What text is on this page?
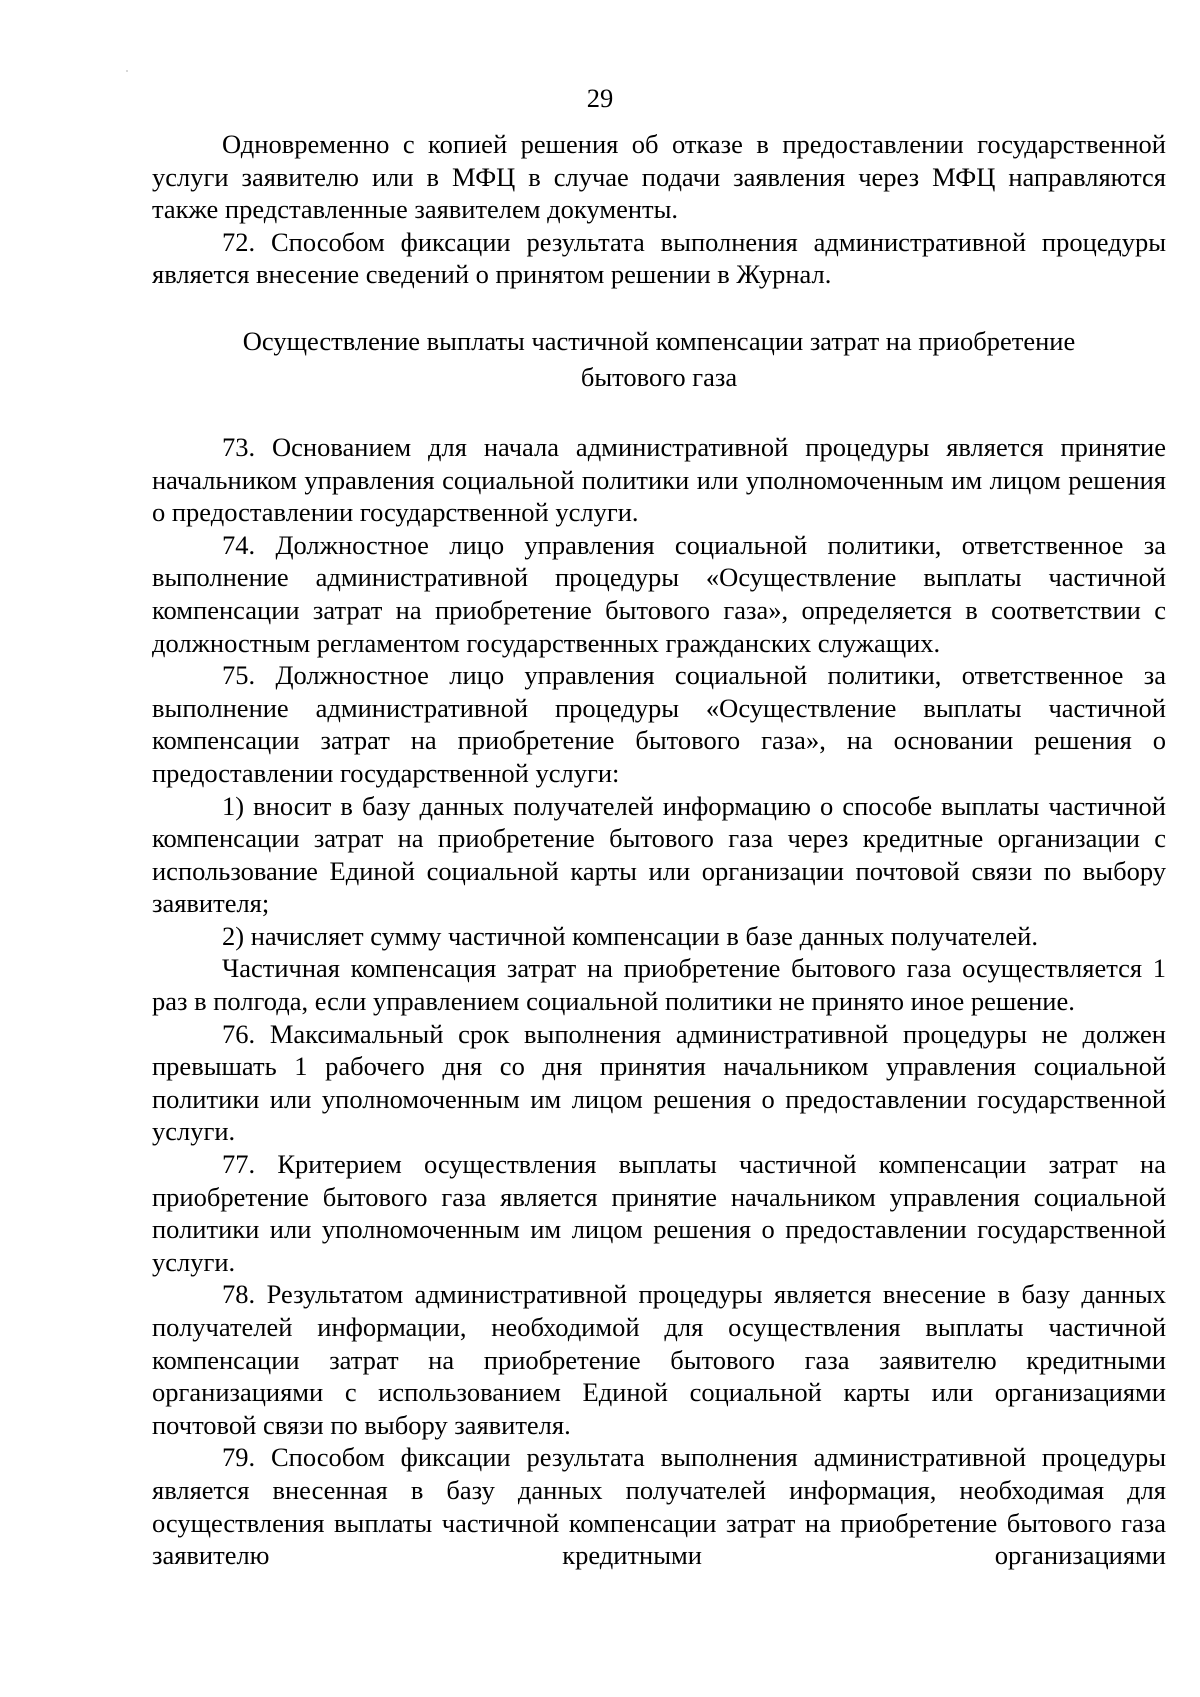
29

Одновременно с копией решения об отказе в предоставлении государственной услуги заявителю или в МФЦ в случае подачи заявления через МФЦ направляются также представленные заявителем документы.

72. Способом фиксации результата выполнения административной процедуры является внесение сведений о принятом решении в Журнал.

Осуществление выплаты частичной компенсации затрат на приобретение
бытового газа

73. Основанием для начала административной процедуры является принятие начальником управления социальной политики или уполномоченным им лицом решения о предоставлении государственной услуги.

74. Должностное лицо управления социальной политики, ответственное за выполнение административной процедуры «Осуществление выплаты частичной компенсации затрат на приобретение бытового газа», определяется в соответствии с должностным регламентом государственных гражданских служащих.

75. Должностное лицо управления социальной политики, ответственное за выполнение административной процедуры «Осуществление выплаты частичной компенсации затрат на приобретение бытового газа», на основании решения о предоставлении государственной услуги:

1) вносит в базу данных получателей информацию о способе выплаты частичной компенсации затрат на приобретение бытового газа через кредитные организации с использование Единой социальной карты или организации почтовой связи по выбору заявителя;

2) начисляет сумму частичной компенсации в базе данных получателей.

Частичная компенсация затрат на приобретение бытового газа осуществляется 1 раз в полгода, если управлением социальной политики не принято иное решение.

76. Максимальный срок выполнения административной процедуры не должен превышать 1 рабочего дня со дня принятия начальником управления социальной политики или уполномоченным им лицом решения о предоставлении государственной услуги.

77. Критерием осуществления выплаты частичной компенсации затрат на приобретение бытового газа является принятие начальником управления социальной политики или уполномоченным им лицом решения о предоставлении государственной услуги.

78. Результатом административной процедуры является внесение в базу данных получателей информации, необходимой для осуществления выплаты частичной компенсации затрат на приобретение бытового газа заявителю кредитными организациями с использованием Единой социальной карты или организациями почтовой связи по выбору заявителя.

79. Способом фиксации результата выполнения административной процедуры является внесенная в базу данных получателей информация, необходимая для осуществления выплаты частичной компенсации затрат на приобретение бытового газа заявителю кредитными организациями
